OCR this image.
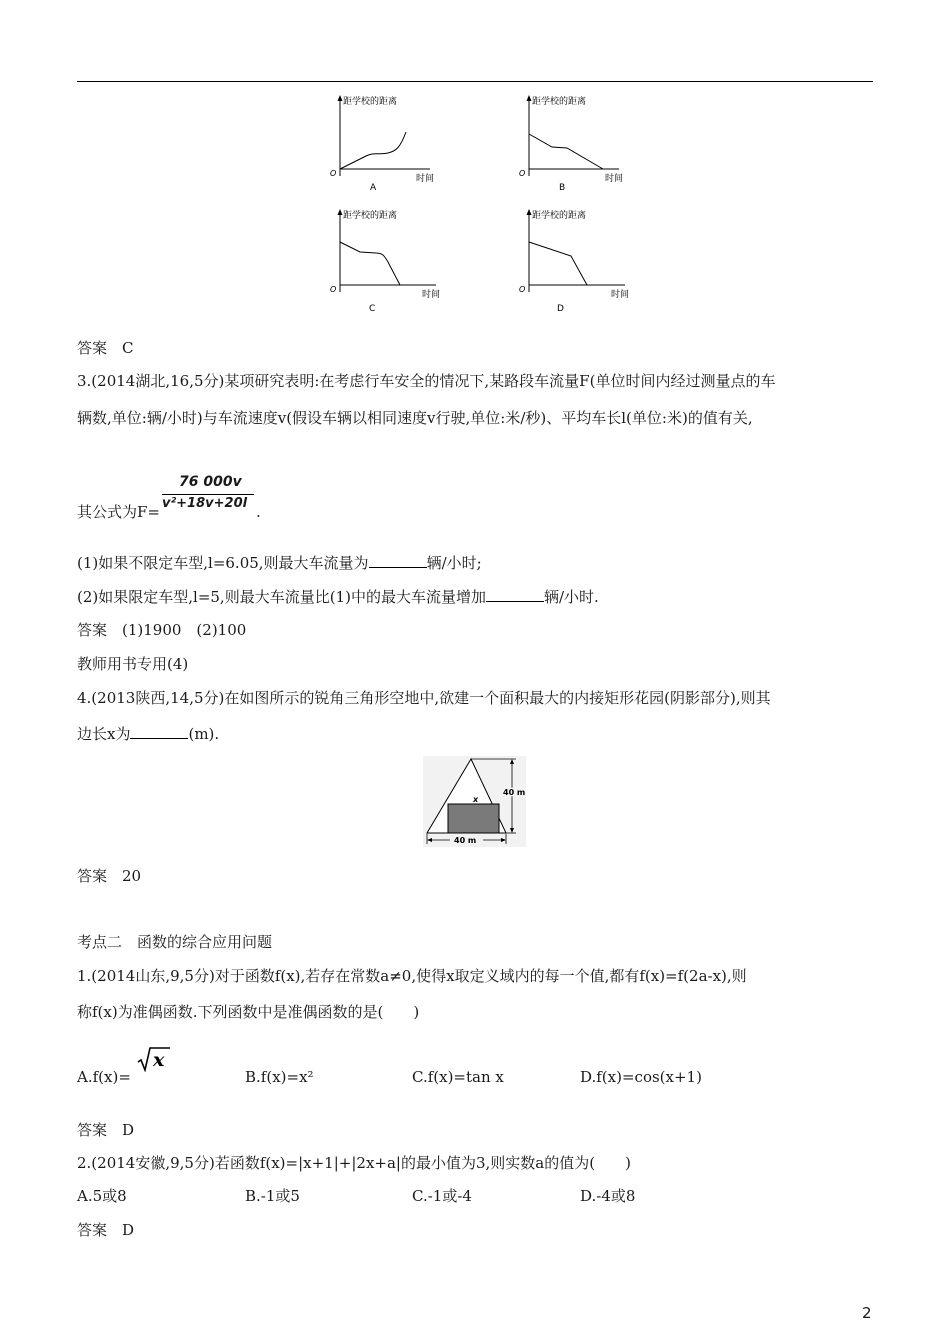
距学校的距离
O
时间
A
距学校的距离
O
时间
B
距学校的距离
O
时间
C
距学校的距离
O
时间
D
答案　C
3.(2014湖北,16,5分)某项研究表明:在考虑行车安全的情况下,某路段车流量F(单位时间内经过测量点的车
辆数,单位:辆/小时)与车流速度v(假设车辆以相同速度v行驶,单位:米/秒)、平均车长l(单位:米)的值有关,
其公式为F=	.
76 000v
v²+18v+20l
(1)如果不限定车型,l=6.05,则最大车流量为	辆/小时;
(2)如果限定车型,l=5,则最大车流量比(1)中的最大车流量增加	辆/小时.
答案　(1)1900　(2)100
教师用书专用(4)
4.(2013陕西,14,5分)在如图所示的锐角三角形空地中,欲建一个面积最大的内接矩形花园(阴影部分),则其
边长x为	(m).
40 m
40 m
x
答案　20
考点二　函数的综合应用问题
1.(2014山东,9,5分)对于函数f(x),若存在常数a≠0,使得x取定义域内的每一个值,都有f(x)=f(2a-x),则
称f(x)为准偶函数.下列函数中是准偶函数的是(　　)
A.f(x)=
x
B.f(x)=x²	C.f(x)=tan x	D.f(x)=cos(x+1)
答案　D
2.(2014安徽,9,5分)若函数f(x)=|x+1|+|2x+a|的最小值为3,则实数a的值为(　　)
A.5或8	B.-1或5	C.-1或-4	D.-4或8
答案　D
2
